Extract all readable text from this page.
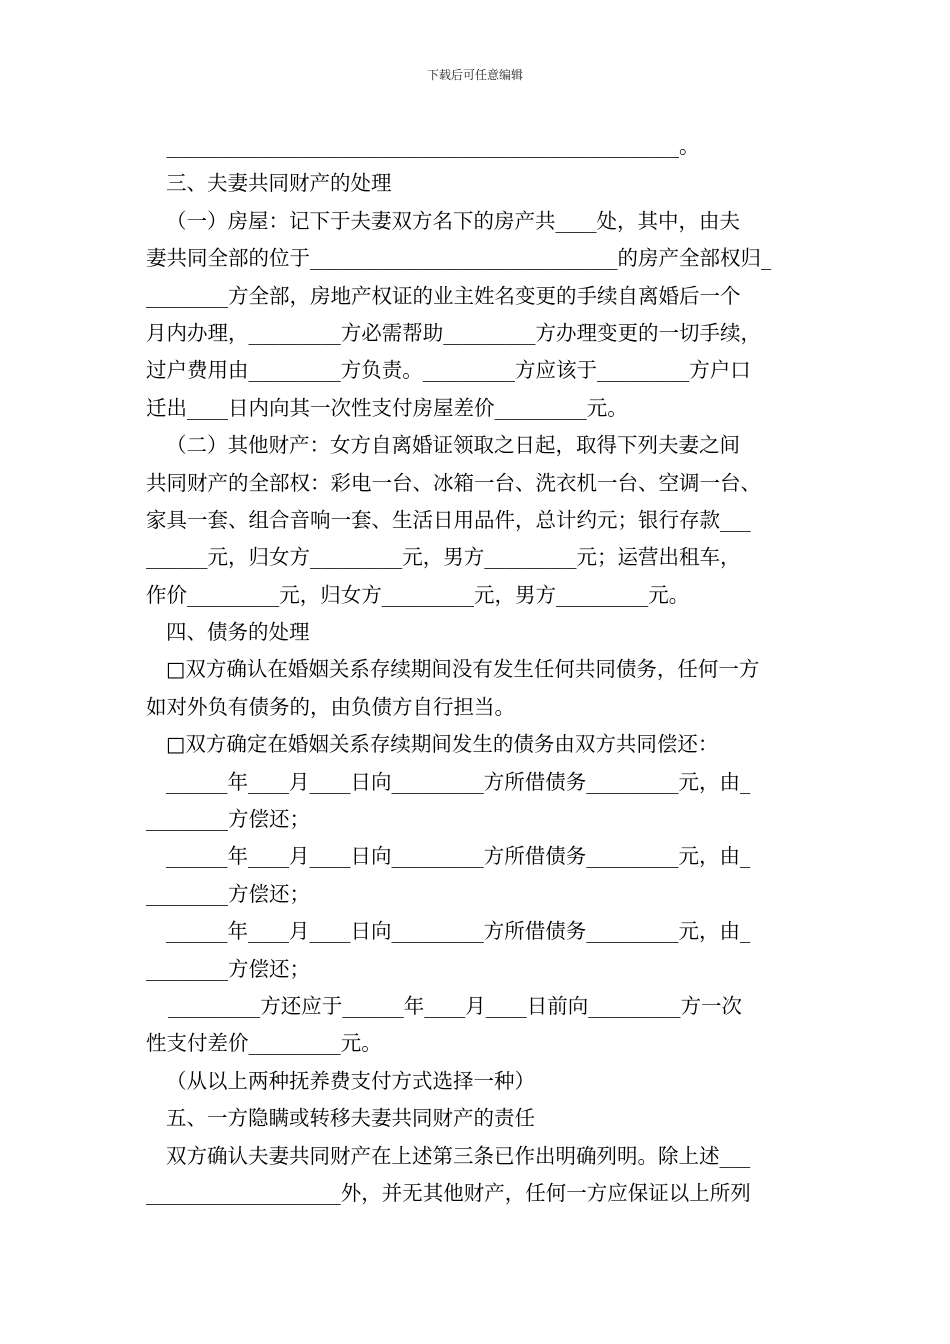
下载后可任意编辑
　__________________________________________________。
三、夫妻共同财产的处理
（一）房屋：记下于夫妻双方名下的房产共____处，其中，由夫
妻共同全部的位于______________________________的房产全部权归_
________方全部，房地产权证的业主姓名变更的手续自离婚后一个
月内办理，_________方必需帮助_________方办理变更的一切手续，
过户费用由_________方负责。_________方应该于_________方户口
迁出____日内向其一次性支付房屋差价_________元。
（二）其他财产：女方自离婚证领取之日起，取得下列夫妻之间
共同财产的全部权：彩电一台、冰箱一台、洗衣机一台、空调一台、
家具一套、组合音响一套、生活日用品件，总计约元；银行存款___
______元，归女方_________元，男方_________元；运营出租车，
作价_________元，归女方_________元，男方_________元。
四、债务的处理
□双方确认在婚姻关系存续期间没有发生任何共同债务，任何一方
如对外负有债务的，由负债方自行担当。
□双方确定在婚姻关系存续期间发生的债务由双方共同偿还：
______年____月____日向_________方所借债务_________元，由_
________方偿还；
______年____月____日向_________方所借债务_________元，由_
________方偿还；
______年____月____日向_________方所借债务_________元，由_
________方偿还；
_________方还应于______年____月____日前向_________方一次
性支付差价_________元。
（从以上两种抚养费支付方式选择一种）
五、一方隐瞒或转移夫妻共同财产的责任
双方确认夫妻共同财产在上述第三条已作出明确列明。除上述___
___________________外，并无其他财产，任何一方应保证以上所列
